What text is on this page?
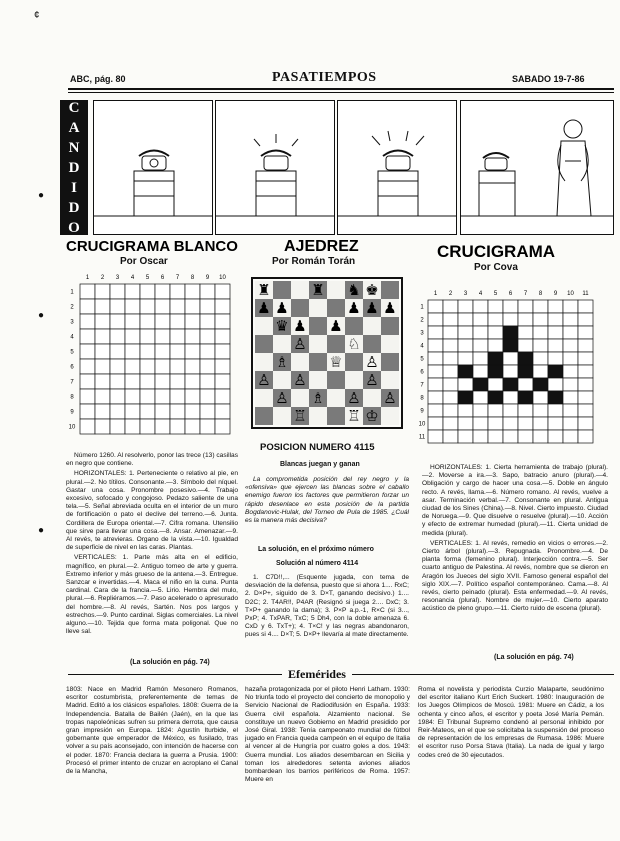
ABC, pág. 80	PASATIEMPOS	SABADO 19-7-86
C
A
N
D
I
D
O
CRUCIGRAMA BLANCO
Por Oscar
1 2 3 4 5 6 7 8 9 10
1
2
3
4
5
6
7
8
9
10

Número 1260. Al resolverlo, ponor las trece (13) casillas en negro que contiene.

HORIZONTALES: 1. Perteneciente o relativo al pie, en plural.—2. No títilos. Consonante.—3. Símbolo del níquel. Gastar una cosa. Pronombre posesivo.—4. Trabajo excesivo, sofocado y congojoso. Pedazo saliente de una tela.—5. Señal abreviada oculta en el interior de un muro de fortificación o pato el declive del terreno.—6. Junta. Cordillera de Europa oriental.—7. Cifra romana. Utensilio que sirve para llevar una cosa.—8. Ansar. Amenazar.—9. Al revés, te atrevieras. Organo de la vista.—10. Igualdad de superficie de nivel en las caras. Plantas.

VERTICALES: 1. Parte más alta en el edificio, magnífico, en plural.—2. Antiguo torneo de arte y guerra. Extremo inferior y más grueso de la antena.—3. Entregue. Sanzcar e invertidas.—4. Maca el nifio en la cuna. Punta cardinal. Cara de la francia.—5. Lirio. Hembra del mulo, plural.—6. Repliéramos.—7. Paso acelerado o apresurado del hombre.—8. Al revés, Sartén. Nos pos largos y estrechos.—9. Punto cardinal. Siglas comerciales. La nivel alguno.—10. Tejida que forma mata poligonal. Que no lleve sal.

(La solución en pág. 74)
AJEDREZ
Por Román Torán
♜	♜ ♞ ♚
♟ ♟	♟ ♟ ♟
♛ ♟ ♟
♙	♘
♗	♕ ♙
♙ ♙	♙
♙ ♗ ♙ ♙
♖	♖ ♔
POSICION NUMERO 4115
Blancas juegan y ganan

La comprometida posición del rey negro y la «ofensiva» que ejercen las blancas sobre el caballo enemigo fueron los factores que permitieron forzar un rápido desenlace en esta posición de la partida Bogdanovic-Hulak, del Torneo de Pula de 1985. ¿Cuál es la manera más decisiva?

La solución, en el próximo número
Solución al número 4114

1. C7D!!,... (Esquente jugada, con tema de desviación de la defensa, puesto que si ahora 1.... RxC; 2. D×P+, siguido de 3. D×T, ganando decisivo.) 1.... D2C; 2. T4AR!!, P4AR (Resignó si juega 2.... DxC; 3. T×P+ ganando la dama); 3. P×P a.p.-1, R×C (si 3..., PxP; 4. TxPAR, TxC; 5 Dh4, con la doble amenaza 6. CxD y 6. TxT+); 4. T×C! y las negras abandonaron, pues si 4.... D×T; 5. D×P+ llevaría al mate directamente.

CRUCIGRAMA
Por Cova
1 2 3 4 5 6 7 8 9 10 11
1
2
3
4
5
6
7
8
9
10
11

HORIZONTALES: 1. Cierta herramienta de trabajo (plural).—2. Moverse a ira.—3. Sapo, batracio anuro (plural).—4. Obligación y cargo de hacer una cosa.—5. Doble en ángulo recto. A revés, llama.—6. Número romano. Al revés, vuelve a asar. Terminación verbal.—7. Consonante en plural. Antigua ciudad de los Sines (China).—8. Nivel. Cierto impuesto. Ciudad de Noruega.—9. Que disuelve o resuelve (plural).—10. Acción y efecto de extremar humedad (plural).—11. Cierta unidad de medida (plural).

VERTICALES: 1. Al revés, remedio en vicios o errores.—2. Cierto árbol (plural).—3. Repugnada. Pronombre.—4. De planta forma (femenino plural). Interjección contra.—5. Ser cuarto antiguo de Palestina. Al revés, nombre que se dieron en Aragón los Jueces del siglo XVII. Famoso general español del siglo XIX.—7. Político español contemporáneo. Cama.—8. Al revés, cierto peinado (plural). Esta enfermedad.—9. Al revés, resonancia (plural). Nombre de mujer.—10. Cierto aparato acústico de pleno grupo.—11. Cierto ruido de escena (plural).

(La solución en pág. 74)
Efemérides
1803: Nace en Madrid Ramón Mesonero Romanos, escritor costumbrista, preferentemente de temas de Madrid. Editó a los clásicos españoles. 1808: Guerra de la Independencia. Batalla de Bailén (Jaén), en la que las tropas napoleónicas sufren su primera derrota, que causa gran impresión en Europa. 1824: Agustín Iturbide, el gobernante que emperador de México, es fusilado, tras volver a su país aconsejado, con intención de hacerse con el poder. 1870: Francia declara la guerra a Prusia. 1900: Procesó el primer intento de cruzar en acroplano el Canal de la Mancha,
hazaña protagonizada por el piloto Henri Latham. 1930: No triunfa todo el proyecto del concierto de monopolio y Servicio Nacional de Radiodifusión en España. 1933: Guerra civil española. Alzamiento nacional. Se constituye un nuevo Gobierno en Madrid presidido por José Giral. 1938: Tenía campeonato mundial de fútbol jugado en Francia queda campeón en el equipo de Italia al vencer al de Hungría por cuatro goles a dos. 1943: Guerra mundial. Los aliados desembarcan en Sicilia y toman los alrededores setenta aviones aliados bombardean los barrios periféricos de Roma. 1957: Muere en
Roma el novelista y periodista Curzio Malaparte, seudónimo del escritor italiano Kurt Erich Suckert. 1980: Inauguración de los Juegos Olímpicos de Moscú. 1981: Muere en Cádiz, a los ochenta y cinco años, el escritor y poeta José María Pemán. 1984: El Tribunal Supremo condenó al personal inhibido por Reir-Mateos, en el que se solicitaba la suspensión del proceso de representación de los empresas de Rumasa. 1986: Muere el escritor ruso Porsa Stava (Italia). La nada de igual y largo codes creó de 30 ejecutados.
¢
●
●
●
